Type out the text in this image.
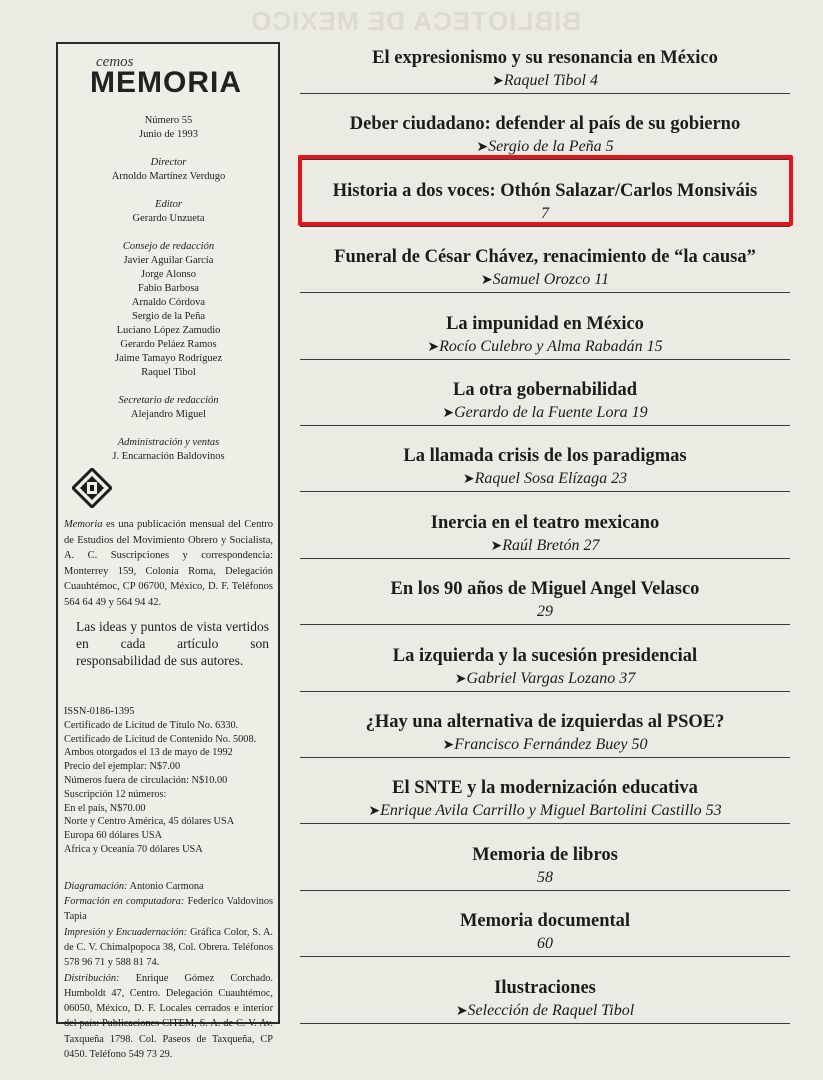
BIBLIOTECA DE MEXICO
cemos
MEMORIA
Número 55
Junio de 1993
Director
Arnoldo Martínez Verdugo
Editor
Gerardo Unzueta
Consejo de redacción
Javier Aguilar García
Jorge Alonso
Fabio Barbosa
Arnaldo Córdova
Sergio de la Peña
Luciano López Zamudio
Gerardo Peláez Ramos
Jaime Tamayo Rodríguez
Raquel Tibol
Secretario de redacción
Alejandro Miguel
Administración y ventas
J. Encarnación Baldovinos
Memoria es una publicación mensual del Centro de Estudios del Movimiento Obrero y Socialista, A. C. Suscripciones y correspondencia: Monterrey 159, Colonia Roma, Delegación Cuauhtémoc, CP 06700, México, D. F. Teléfonos 564 64 49 y 564 94 42.
Las ideas y puntos de vista vertidos en cada artículo son responsabilidad de sus autores.
ISSN-0186-1395
Certificado de Licitud de Título No. 6330.
Certificado de Licitud de Contenido No. 5008.
Ambos otorgados el 13 de mayo de 1992
Precio del ejemplar: N$7.00
Números fuera de circulación: N$10.00
Suscripción 12 números:
En el país, N$70.00
Norte y Centro América, 45 dólares USA
Europa 60 dólares USA
Africa y Oceanía 70 dólares USA
Diagramación: Antonio Carmona
Formación en computadora: Federico Valdovinos Tapia
Impresión y Encuadernación: Gráfica Color, S. A. de C. V. Chimalpopoca 38, Col. Obrera. Teléfonos 578 96 71 y 588 81 74.
Distribución: Enrique Gómez Corchado. Humboldt 47, Centro. Delegación Cuauhtémoc, 06050, México, D. F. Locales cerrados e interior del país: Publicaciones CITEM, S. A. de C. V. Av. Taxqueña 1798. Col. Paseos de Taxqueña, CP 0450. Teléfono 549 73 29.
El expresionismo y su resonancia en México
➤Raquel Tibol 4
Deber ciudadano: defender al país de su gobierno
➤Sergio de la Peña 5
Historia a dos voces: Othón Salazar/Carlos Monsiváis
7
Funeral de César Chávez, renacimiento de “la causa”
➤Samuel Orozco 11
La impunidad en México
➤Rocío Culebro y Alma Rabadán 15
La otra gobernabilidad
➤Gerardo de la Fuente Lora 19
La llamada crisis de los paradigmas
➤Raquel Sosa Elízaga 23
Inercia en el teatro mexicano
➤Raúl Bretón 27
En los 90 años de Miguel Angel Velasco
29
La izquierda y la sucesión presidencial
➤Gabriel Vargas Lozano 37
¿Hay una alternativa de izquierdas al PSOE?
➤Francisco Fernández Buey 50
El SNTE y la modernización educativa
➤Enrique Avila Carrillo y Miguel Bartolini Castillo 53
Memoria de libros
58
Memoria documental
60
Ilustraciones
➤Selección de Raquel Tibol
